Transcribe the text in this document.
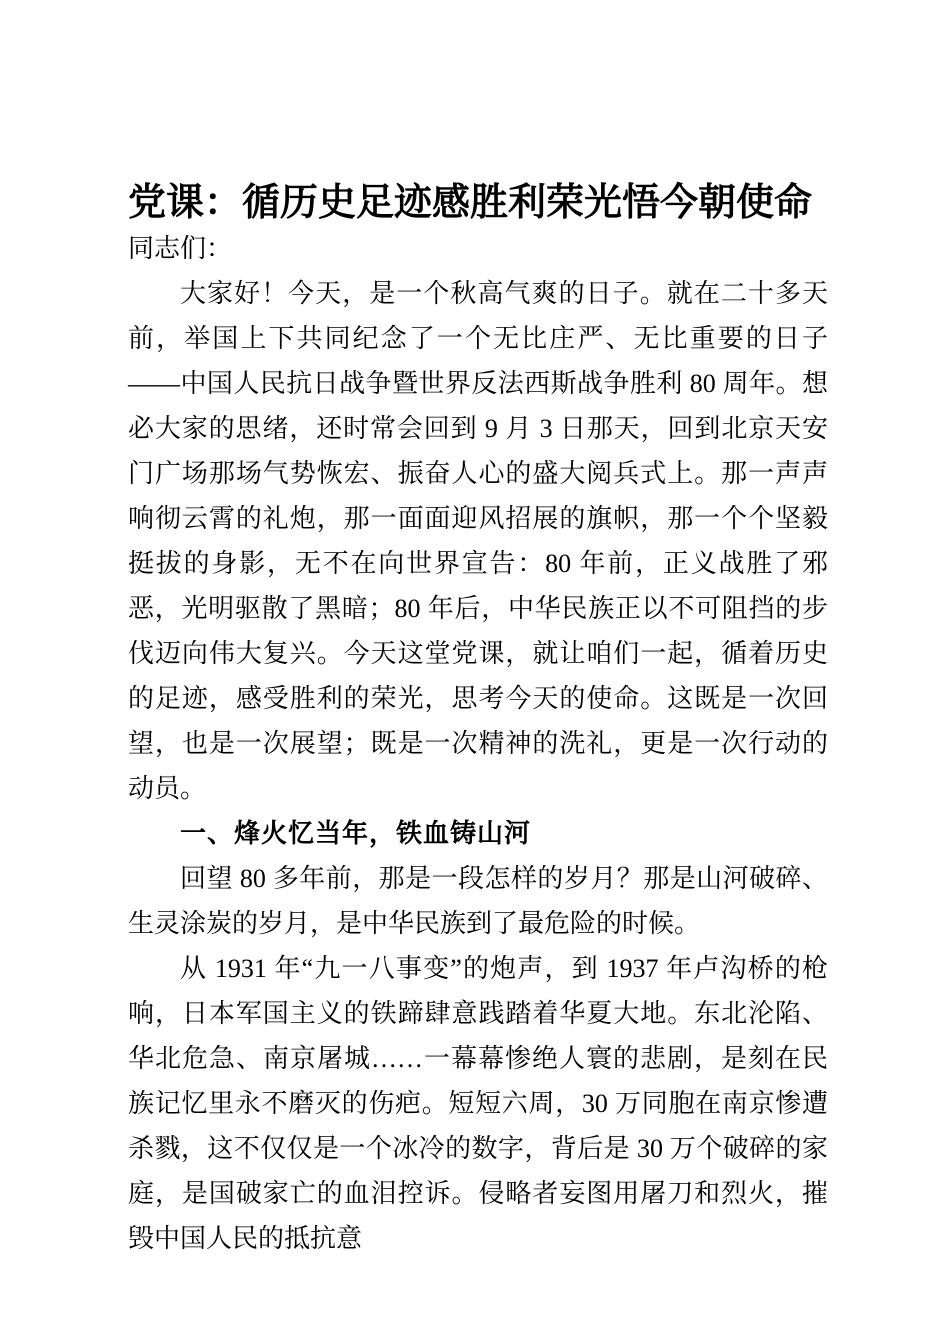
党课：循历史足迹感胜利荣光悟今朝使命

同志们：

大家好！今天，是一个秋高气爽的日子。就在二十多天前，举国上下共同纪念了一个无比庄严、无比重要的日子——中国人民抗日战争暨世界反法西斯战争胜利 80 周年。想必大家的思绪，还时常会回到 9 月 3 日那天，回到北京天安门广场那场气势恢宏、振奋人心的盛大阅兵式上。那一声声响彻云霄的礼炮，那一面面迎风招展的旗帜，那一个个坚毅挺拔的身影，无不在向世界宣告：80 年前，正义战胜了邪恶，光明驱散了黑暗；80 年后，中华民族正以不可阻挡的步伐迈向伟大复兴。今天这堂党课，就让咱们一起，循着历史的足迹，感受胜利的荣光，思考今天的使命。这既是一次回望，也是一次展望；既是一次精神的洗礼，更是一次行动的动员。

一、烽火忆当年，铁血铸山河

回望 80 多年前，那是一段怎样的岁月？那是山河破碎、生灵涂炭的岁月，是中华民族到了最危险的时候。

从 1931 年“九一八事变”的炮声，到 1937 年卢沟桥的枪响，日本军国主义的铁蹄肆意践踏着华夏大地。东北沦陷、华北危急、南京屠城……一幕幕惨绝人寰的悲剧，是刻在民族记忆里永不磨灭的伤疤。短短六周，30 万同胞在南京惨遭杀戮，这不仅仅是一个冰冷的数字，背后是 30 万个破碎的家庭，是国破家亡的血泪控诉。侵略者妄图用屠刀和烈火，摧毁中国人民的抵抗意
